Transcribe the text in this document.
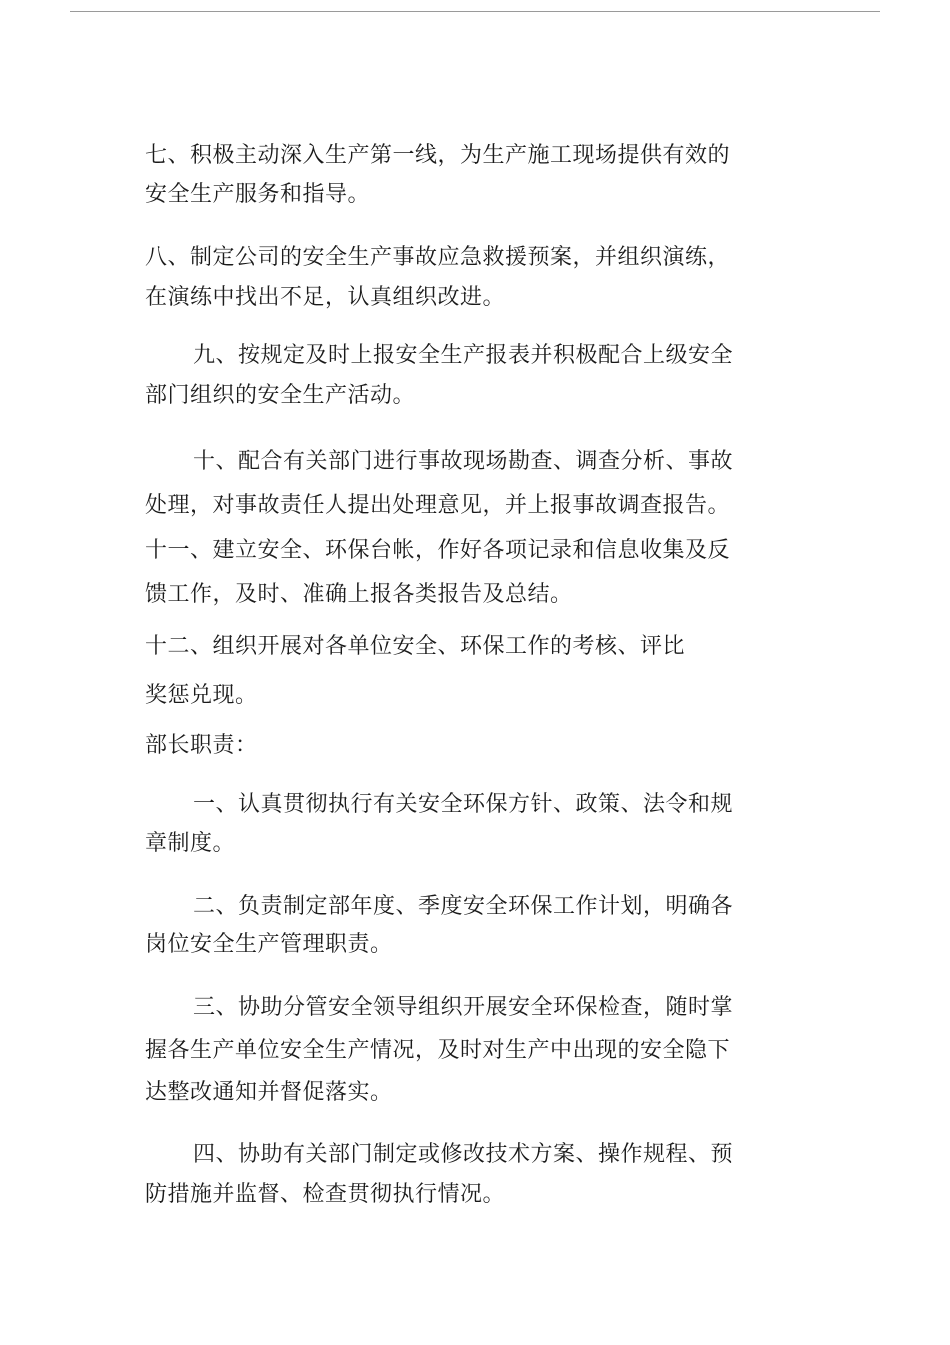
七、积极主动深入生产第一线，为生产施工现场提供有效的
安全生产服务和指导。
八、制定公司的安全生产事故应急救援预案，并组织演练，
在演练中找出不足，认真组织改进。
九、按规定及时上报安全生产报表并积极配合上级安全
部门组织的安全生产活动。
十、配合有关部门进行事故现场勘查、调查分析、事故
处理，对事故责任人提出处理意见，并上报事故调查报告。
十一、建立安全、环保台帐，作好各项记录和信息收集及反
馈工作，及时、准确上报各类报告及总结。
十二、组织开展对各单位安全、环保工作的考核、评比
奖惩兑现。
部长职责：
一、认真贯彻执行有关安全环保方针、政策、法令和规
章制度。
二、负责制定部年度、季度安全环保工作计划，明确各
岗位安全生产管理职责。
三、协助分管安全领导组织开展安全环保检查，随时掌
握各生产单位安全生产情况，及时对生产中出现的安全隐下
达整改通知并督促落实。
四、协助有关部门制定或修改技术方案、操作规程、预
防措施并监督、检查贯彻执行情况。
